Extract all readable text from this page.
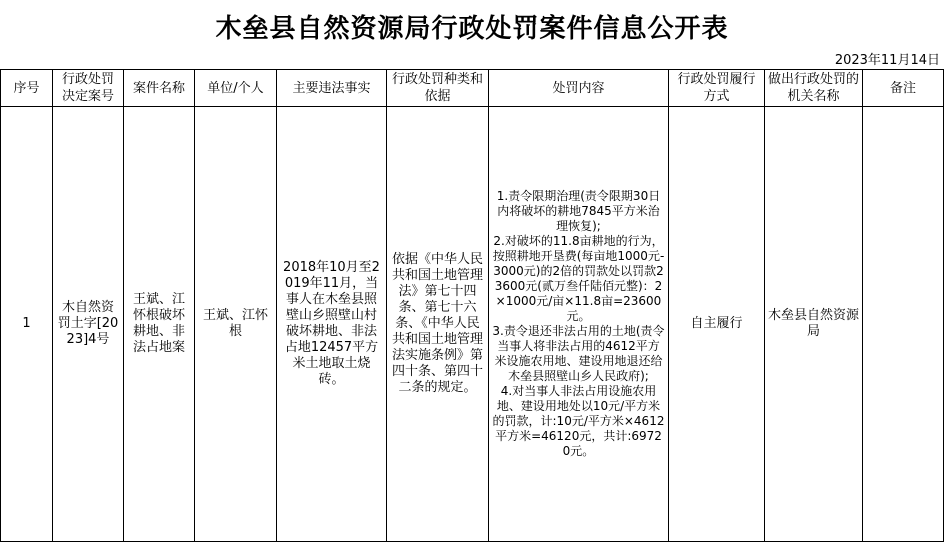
木垒县自然资源局行政处罚案件信息公开表
2023年11月14日
序号	行政处罚决定案号	案件名称	单位/个人	主要违法事实	行政处罚种类和依据	处罚内容	行政处罚履行方式	做出行政处罚的机关名称	备注
1	木自然资罚土字[2023]4号	王斌、江怀根破坏耕地、非法占地案	王斌、江怀根	2018年10月至2019年11月，当事人在木垒县照壁山乡照壁山村破坏耕地、非法占地12457平方米土地取土烧砖。	依据《中华人民共和国土地管理法》第七十四条、第七十六条、《中华人民共和国土地管理法实施条例》第四十条、第四十二条的规定。	1.责令限期治理(责令限期30日内将破坏的耕地7845平方米治理恢复);
2.对破坏的11.8亩耕地的行为，按照耕地开垦费(每亩地1000元-3000元)的2倍的罚款处以罚款23600元(贰万叁仟陆佰元整)：2×1000元/亩×11.8亩=23600元。
3.责令退还非法占用的土地(责令当事人将非法占用的4612平方米设施农用地、建设用地退还给木垒县照壁山乡人民政府);
4.对当事人非法占用设施农用地、建设用地处以10元/平方米的罚款，计:10元/平方米×4612平方米=46120元，共计:69720元。	自主履行	木垒县自然资源局	
